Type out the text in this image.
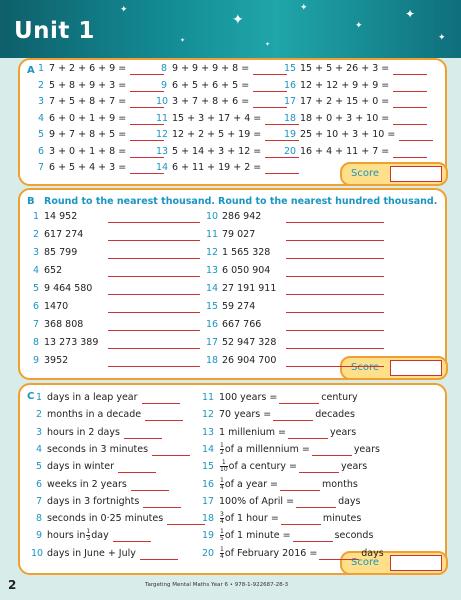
✦
✦
✦
✦
✦
✦
✦
✦
Unit 1
A
Score
1 7 + 2 + 6 + 9 =
2 5 + 8 + 9 + 3 =
3 7 + 5 + 8 + 7 =
4 6 + 0 + 1 + 9 =
5 9 + 7 + 8 + 5 =
6 3 + 0 + 1 + 8 =
7 6 + 5 + 4 + 3 =
8 9 + 9 + 9 + 8 =
9 6 + 5 + 6 + 5 =
10 3 + 7 + 8 + 6 =
11 15 + 3 + 17 + 4 =
12 12 + 2 + 5 + 19 =
13 5 + 14 + 3 + 12 =
14 6 + 11 + 19 + 2 =
15 15 + 5 + 26 + 3 =
16 12 + 12 + 9 + 9 =
17 17 + 2 + 15 + 0 =
18 18 + 0 + 3 + 10 =
19 25 + 10 + 3 + 10 =
20 16 + 4 + 11 + 7 =
B Round to the nearest thousand. Round to the nearest hundred thousand.
Score
1 14 952
2 617 274
3 85 799
4 652
5 9 464 580
6 1470
7 368 808
8 13 273 389
9 3952
10 286 942
11 79 027
12 1 565 328
13 6 050 904
14 27 191 911
15 59 274
16 667 766
17 52 947 328
18 26 904 700
C
Score
1 days in a leap year
2 months in a decade
3 hours in 2 days
4 seconds in 3 minutes
5 days in winter
6 weeks in 2 years
7 days in 3 fortnights
8 seconds in 0·25 minutes
9 hours in $\frac{1}{3}$ day
10 days in June + July
11 100 years =	century
12 70 years =	decades
13 1 millenium =	years
$14 \frac{1}{2}$ of a millennium =	years
$15 \frac{1}{10}$ of a century =	years
$16 \frac{1}{4}$ of a year =	months
17 100% of April =	days
$18 \frac{3}{4}$ of 1 hour =	minutes
$19 \frac{1}{5}$ of 1 minute =	seconds
$20 \frac{1}{4}$ of February 2016 =	days
2	Targeting Mental Maths Year 6 • 978-1-922687-28-3
